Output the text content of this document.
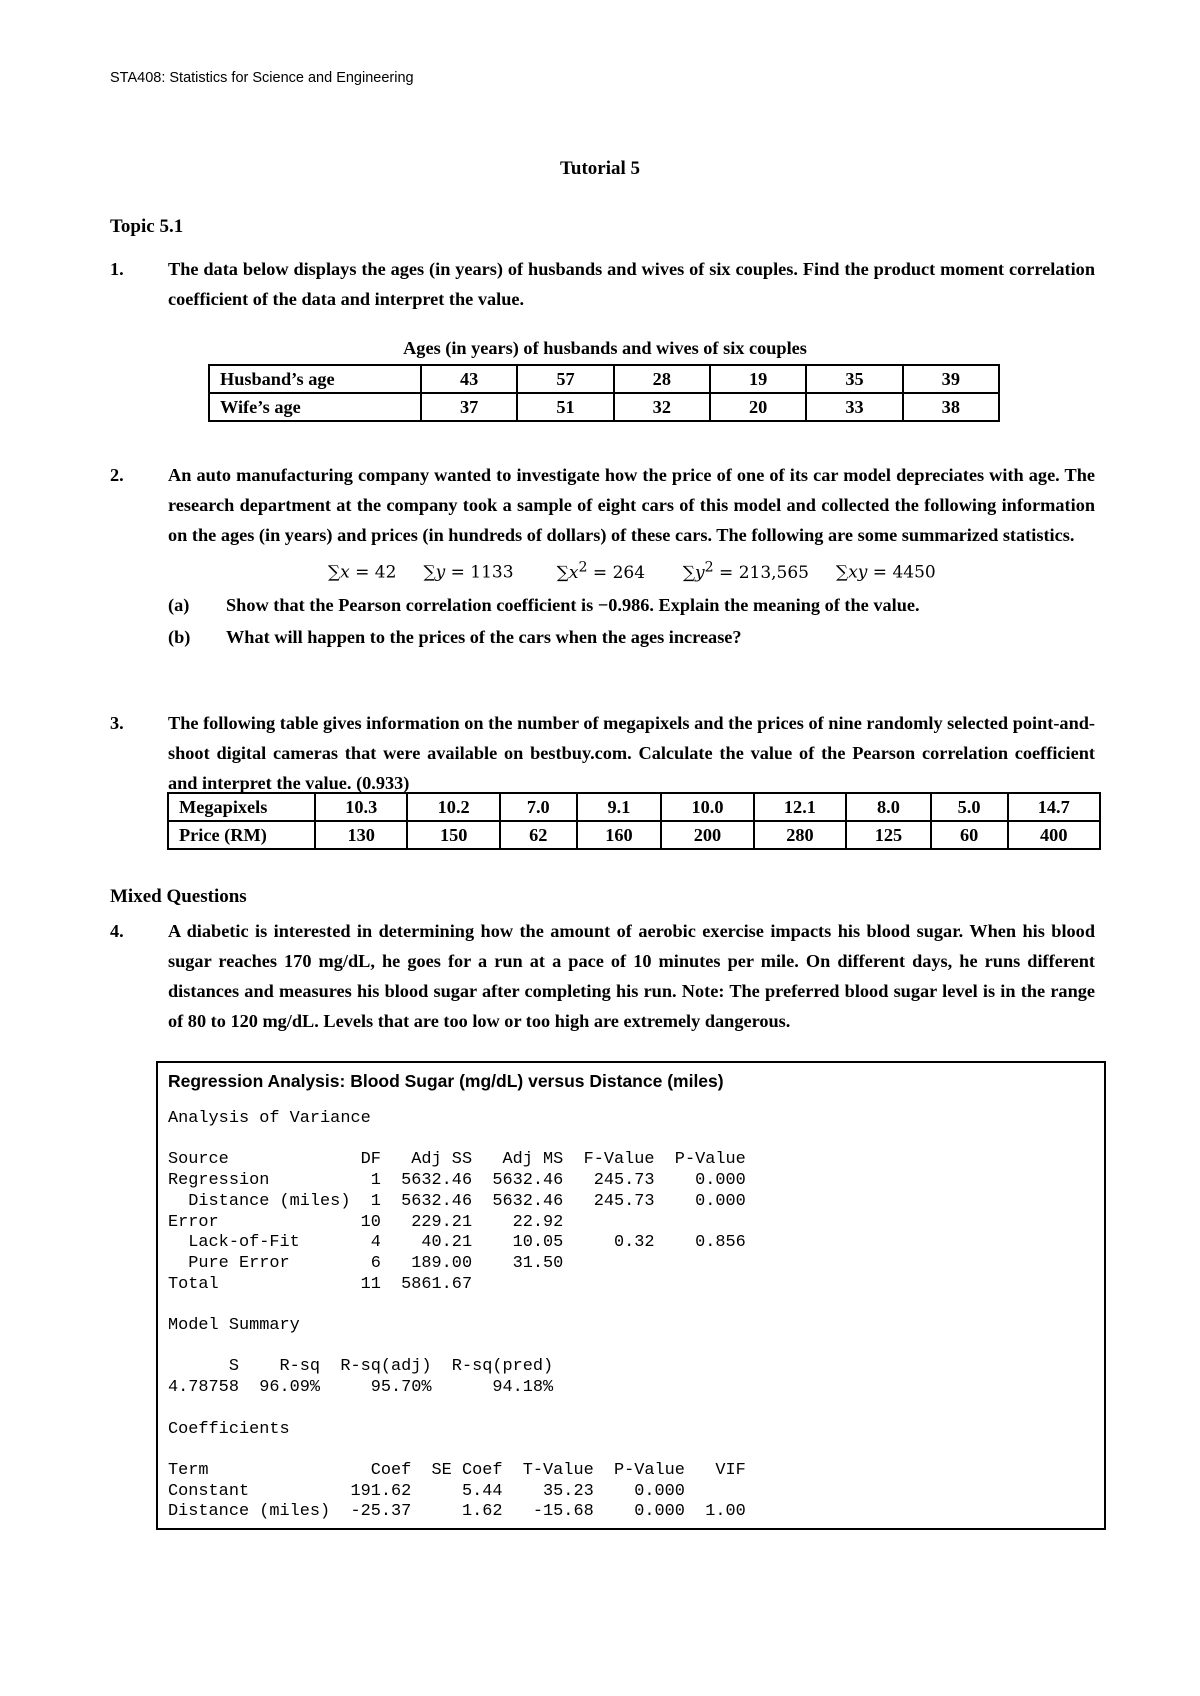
STA408: Statistics for Science and Engineering
Tutorial 5
Topic 5.1
1. The data below displays the ages (in years) of husbands and wives of six couples. Find the product moment correlation coefficient of the data and interpret the value.
Ages (in years) of husbands and wives of six couples
Husband’s age	43	57	28	19	35	39
Wife’s age	37	51	32	20	33	38
2. An auto manufacturing company wanted to investigate how the price of one of its car model depreciates with age. The research department at the company took a sample of eight cars of this model and collected the following information on the ages (in years) and prices (in hundreds of dollars) of these cars. The following are some summarized statistics.
∑x = 42 ∑y = 1133	$\sum x^2 = 264$ $\sum y^2 = 213,565$ ∑xy = 4450
(a) Show that the Pearson correlation coefficient is −0.986. Explain the meaning of the value.
(b) What will happen to the prices of the cars when the ages increase?
3. The following table gives information on the number of megapixels and the prices of nine randomly selected point-and-shoot digital cameras that were available on bestbuy.com. Calculate the value of the Pearson correlation coefficient and interpret the value. (0.933)
Megapixels	10.3	10.2	7.0	9.1	10.0	12.1	8.0	5.0	14.7
Price (RM)	130	150	62	160	200	280	125	60	400
Mixed Questions
4. A diabetic is interested in determining how the amount of aerobic exercise impacts his blood sugar. When his blood sugar reaches 170 mg/dL, he goes for a run at a pace of 10 minutes per mile. On different days, he runs different distances and measures his blood sugar after completing his run. Note: The preferred blood sugar level is in the range of 80 to 120 mg/dL. Levels that are too low or too high are extremely dangerous.
Regression Analysis: Blood Sugar (mg/dL) versus Distance (miles)
Analysis of Variance

Source             DF   Adj SS   Adj MS  F-Value  P-Value
Regression          1  5632.46  5632.46   245.73    0.000
Distance (miles)  1  5632.46  5632.46   245.73    0.000
Error              10   229.21    22.92
Lack-of-Fit       4    40.21    10.05     0.32    0.856
Pure Error        6   189.00    31.50
Total              11  5861.67

Model Summary

S    R-sq  R-sq(adj)  R-sq(pred)
4.78758  96.09%     95.70%      94.18%

Coefficients

Term                Coef  SE Coef  T-Value  P-Value   VIF
Constant          191.62     5.44    35.23    0.000
Distance (miles)  -25.37     1.62   -15.68    0.000  1.00
